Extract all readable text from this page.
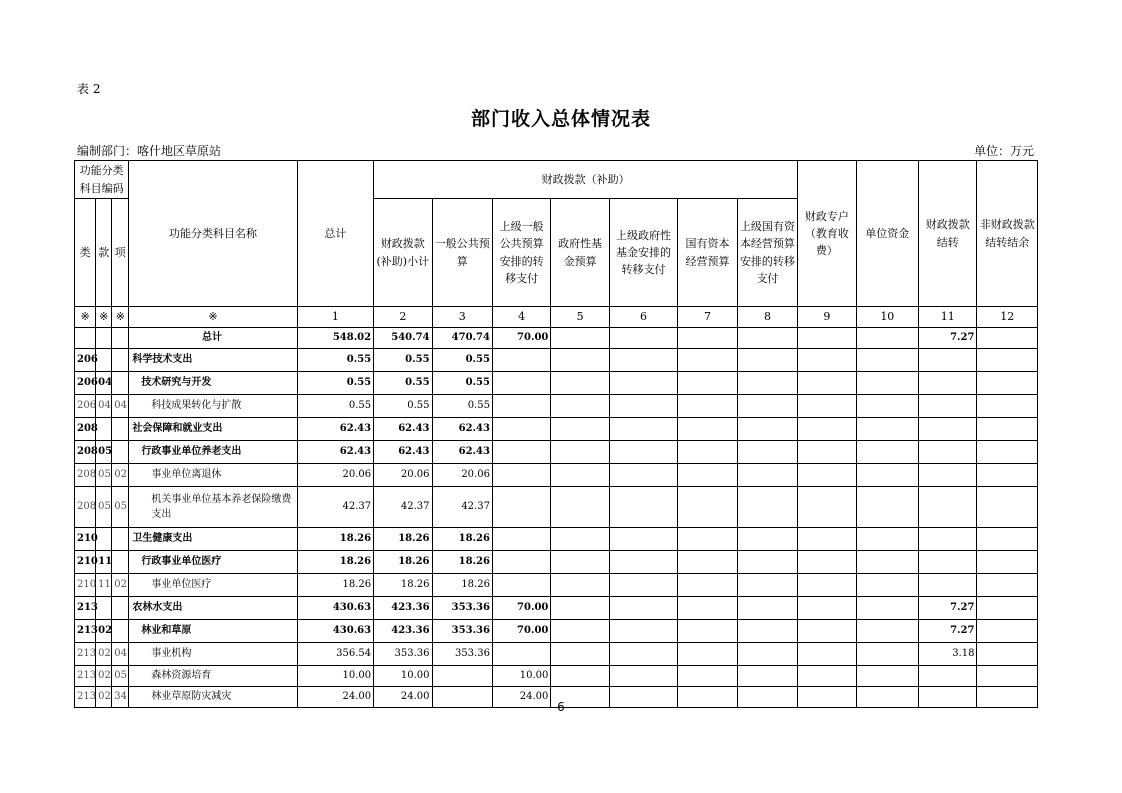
表 2
部门收入总体情况表
编制部门：喀什地区草原站	单位：万元
功能分类科目编码			功能分类科目名称	总计	财政拨款（补助）							财政专户（教育收费）	单位资金	财政拨款结转	非财政拨款结转结余
类	款	项			财政拨款(补助)小计	一般公共预算	上级一般公共预算安排的转移支付	政府性基金预算	上级政府性基金安排的转移支付	国有资本经营预算	上级国有资本经营预算安排的转移支付				
※	※	※	※	1	2	3	4	5	6	7	8	9	10	11	12
			总计	548.02	540.74	470.74	70.00							7.27	
206			科学技术支出	0.55	0.55	0.55									
206	04		技术研究与开发	0.55	0.55	0.55									
206	04	04	科技成果转化与扩散	0.55	0.55	0.55									
208			社会保障和就业支出	62.43	62.43	62.43									
208	05		行政事业单位养老支出	62.43	62.43	62.43									
208	05	02	事业单位离退休	20.06	20.06	20.06									
208	05	05	机关事业单位基本养老保险缴费支出	42.37	42.37	42.37									
210			卫生健康支出	18.26	18.26	18.26									
210	11		行政事业单位医疗	18.26	18.26	18.26									
210	11	02	事业单位医疗	18.26	18.26	18.26									
213			农林水支出	430.63	423.36	353.36	70.00							7.27	
213	02		林业和草原	430.63	423.36	353.36	70.00							7.27	
213	02	04	事业机构	356.54	353.36	353.36								3.18	
213	02	05	森林资源培育	10.00	10.00		10.00								
213	02	34	林业草原防灾减灾	24.00	24.00		24.00								
6
